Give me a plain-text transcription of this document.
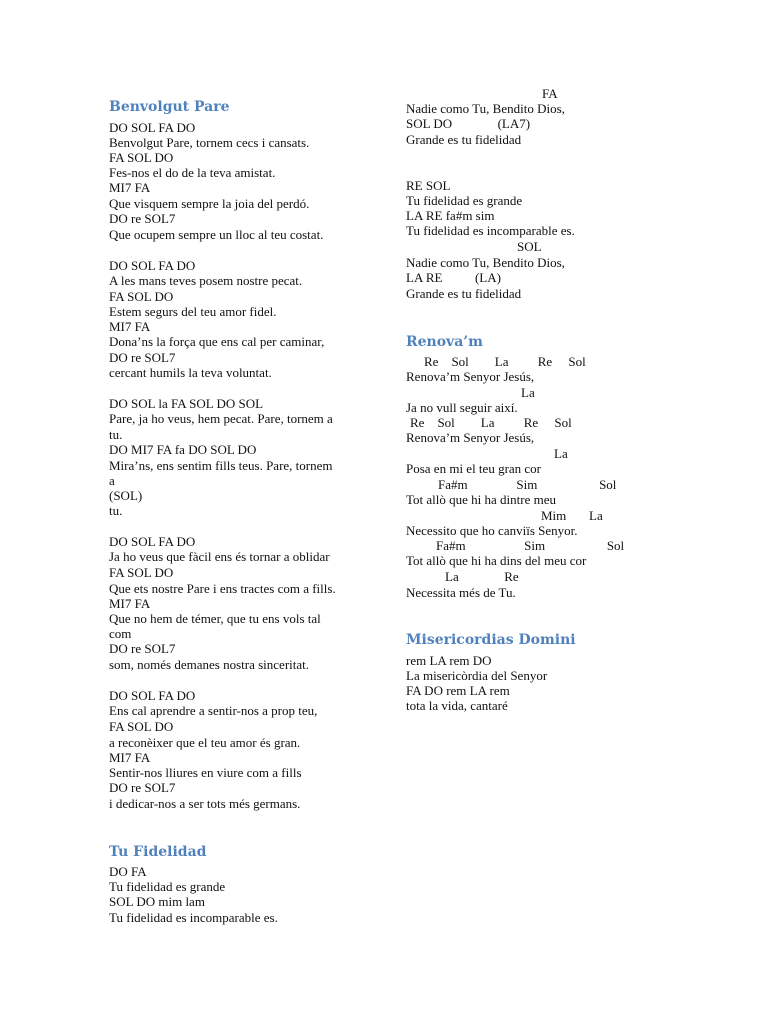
Benvolgut Pare
DO SOL FA DO
Benvolgut Pare, tornem cecs i cansats.
FA SOL DO
Fes-nos el do de la teva amistat.
MI7 FA
Que visquem sempre la joia del perdó.
DO re SOL7
Que ocupem sempre un lloc al teu costat.
DO SOL FA DO
A les mans teves posem nostre pecat.
FA SOL DO
Estem segurs del teu amor fidel.
MI7 FA
Dona’ns la força que ens cal per caminar,
DO re SOL7
cercant humils la teva voluntat.
DO SOL la FA SOL DO SOL
Pare, ja ho veus, hem pecat. Pare, tornem a
tu.
DO MI7 FA fa DO SOL DO
Mira’ns, ens sentim fills teus. Pare, tornem
a
(SOL)
tu.
DO SOL FA DO
Ja ho veus que fàcil ens és tornar a oblidar
FA SOL DO
Que ets nostre Pare i ens tractes com a fills.
MI7 FA
Que no hem de témer, que tu ens vols tal
com
DO re SOL7
som, només demanes nostra sinceritat.
DO SOL FA DO
Ens cal aprendre a sentir-nos a prop teu,
FA SOL DO
a reconèixer que el teu amor és gran.
MI7 FA
Sentir-nos lliures en viure com a fills
DO re SOL7
i dedicar-nos a ser tots més germans.
Tu Fidelidad
DO FA
Tu fidelidad es grande
SOL DO mim lam
Tu fidelidad es incomparable es.
FA
Nadie como Tu, Bendito Dios,
SOL DO              (LA7)
Grande es tu fidelidad
RE SOL
Tu fidelidad es grande
LA RE fa#m sim
Tu fidelidad es incomparable es.
SOL
Nadie como Tu, Bendito Dios,
LA RE          (LA)
Grande es tu fidelidad
Renova’m
Re    Sol        La         Re     Sol
Renova’m Senyor Jesús,
La
Ja no vull seguir així.
Re    Sol        La         Re     Sol
Renova’m Senyor Jesús,
La
Posa en mi el teu gran cor
Fa#m               Sim                   Sol
Tot allò que hi ha dintre meu
Mim       La
Necessito que ho canviïs Senyor.
Fa#m                  Sim                   Sol
Tot allò que hi ha dins del meu cor
La              Re
Necessita més de Tu.
Misericordias Domini
rem LA rem DO
La misericòrdia del Senyor
FA DO rem LA rem
tota la vida, cantaré
